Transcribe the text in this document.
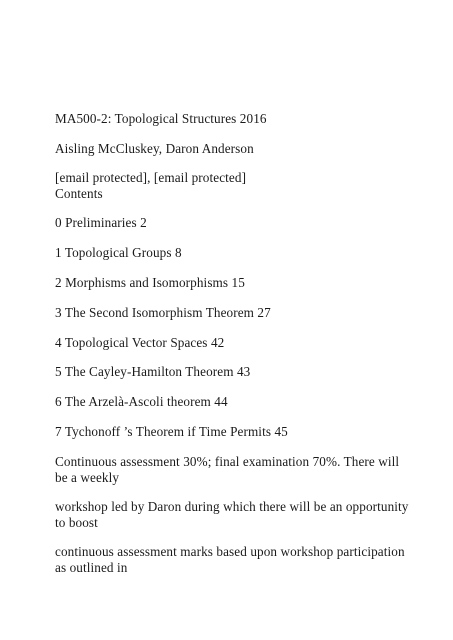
MA500-2: Topological Structures 2016

Aisling McCluskey, Daron Anderson

[email protected], [email protected]

Contents

0 Preliminaries 2

1 Topological Groups 8

2 Morphisms and Isomorphisms 15

3 The Second Isomorphism Theorem 27

4 Topological Vector Spaces 42

5 The Cayley-Hamilton Theorem 43

6 The Arzelà-Ascoli theorem 44

7 Tychonoff ’s Theorem if Time Permits 45

Continuous assessment 30%; final examination 70%. There will be a weekly

workshop led by Daron during which there will be an opportunity to boost

continuous assessment marks based upon workshop participation as outlined in
